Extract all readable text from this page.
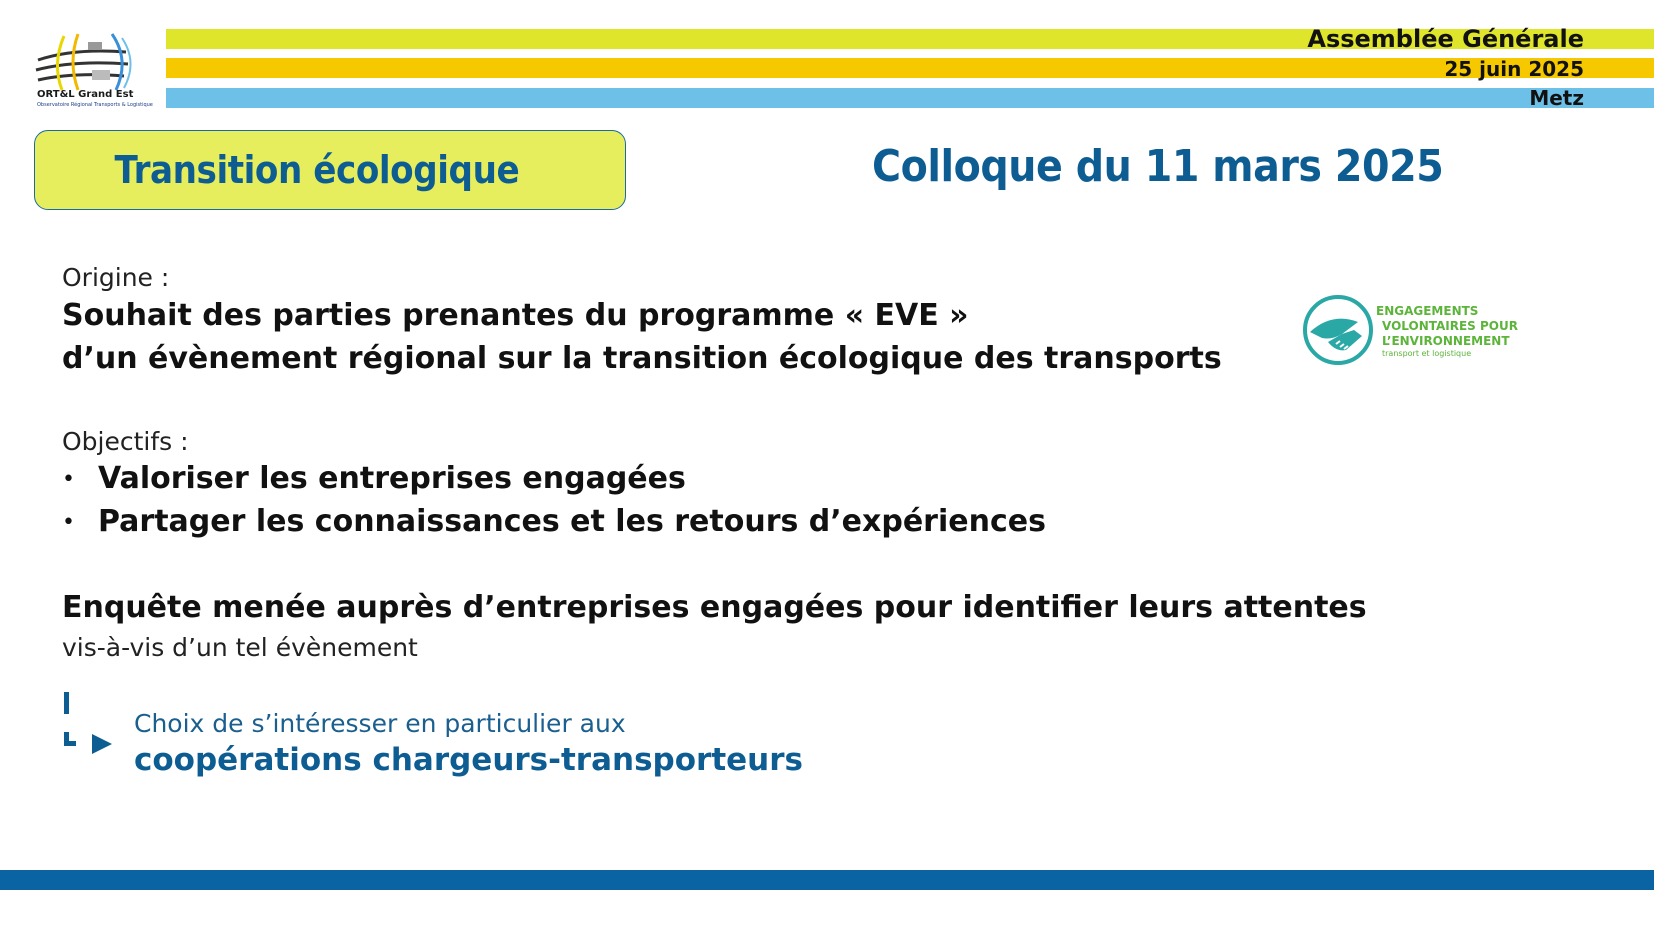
Assemblée Générale
25 juin 2025
Metz
ORT&L Grand Est
Observatoire Régional Transports & Logistique
Transition écologique	Colloque du 11 mars 2025
Origine :
Souhait des parties prenantes du programme « EVE »
d’un évènement régional sur la transition écologique des transports
ENGAGEMENTS
VOLONTAIRES POUR
L’ENVIRONNEMENT
transport et logistique
Objectifs :
• Valoriser les entreprises engagées
• Partager les connaissances et les retours d’expériences
Enquête menée auprès d’entreprises engagées pour identifier leurs attentes
vis-à-vis d’un tel évènement
Choix de s’intéresser en particulier aux
coopérations chargeurs-transporteurs
